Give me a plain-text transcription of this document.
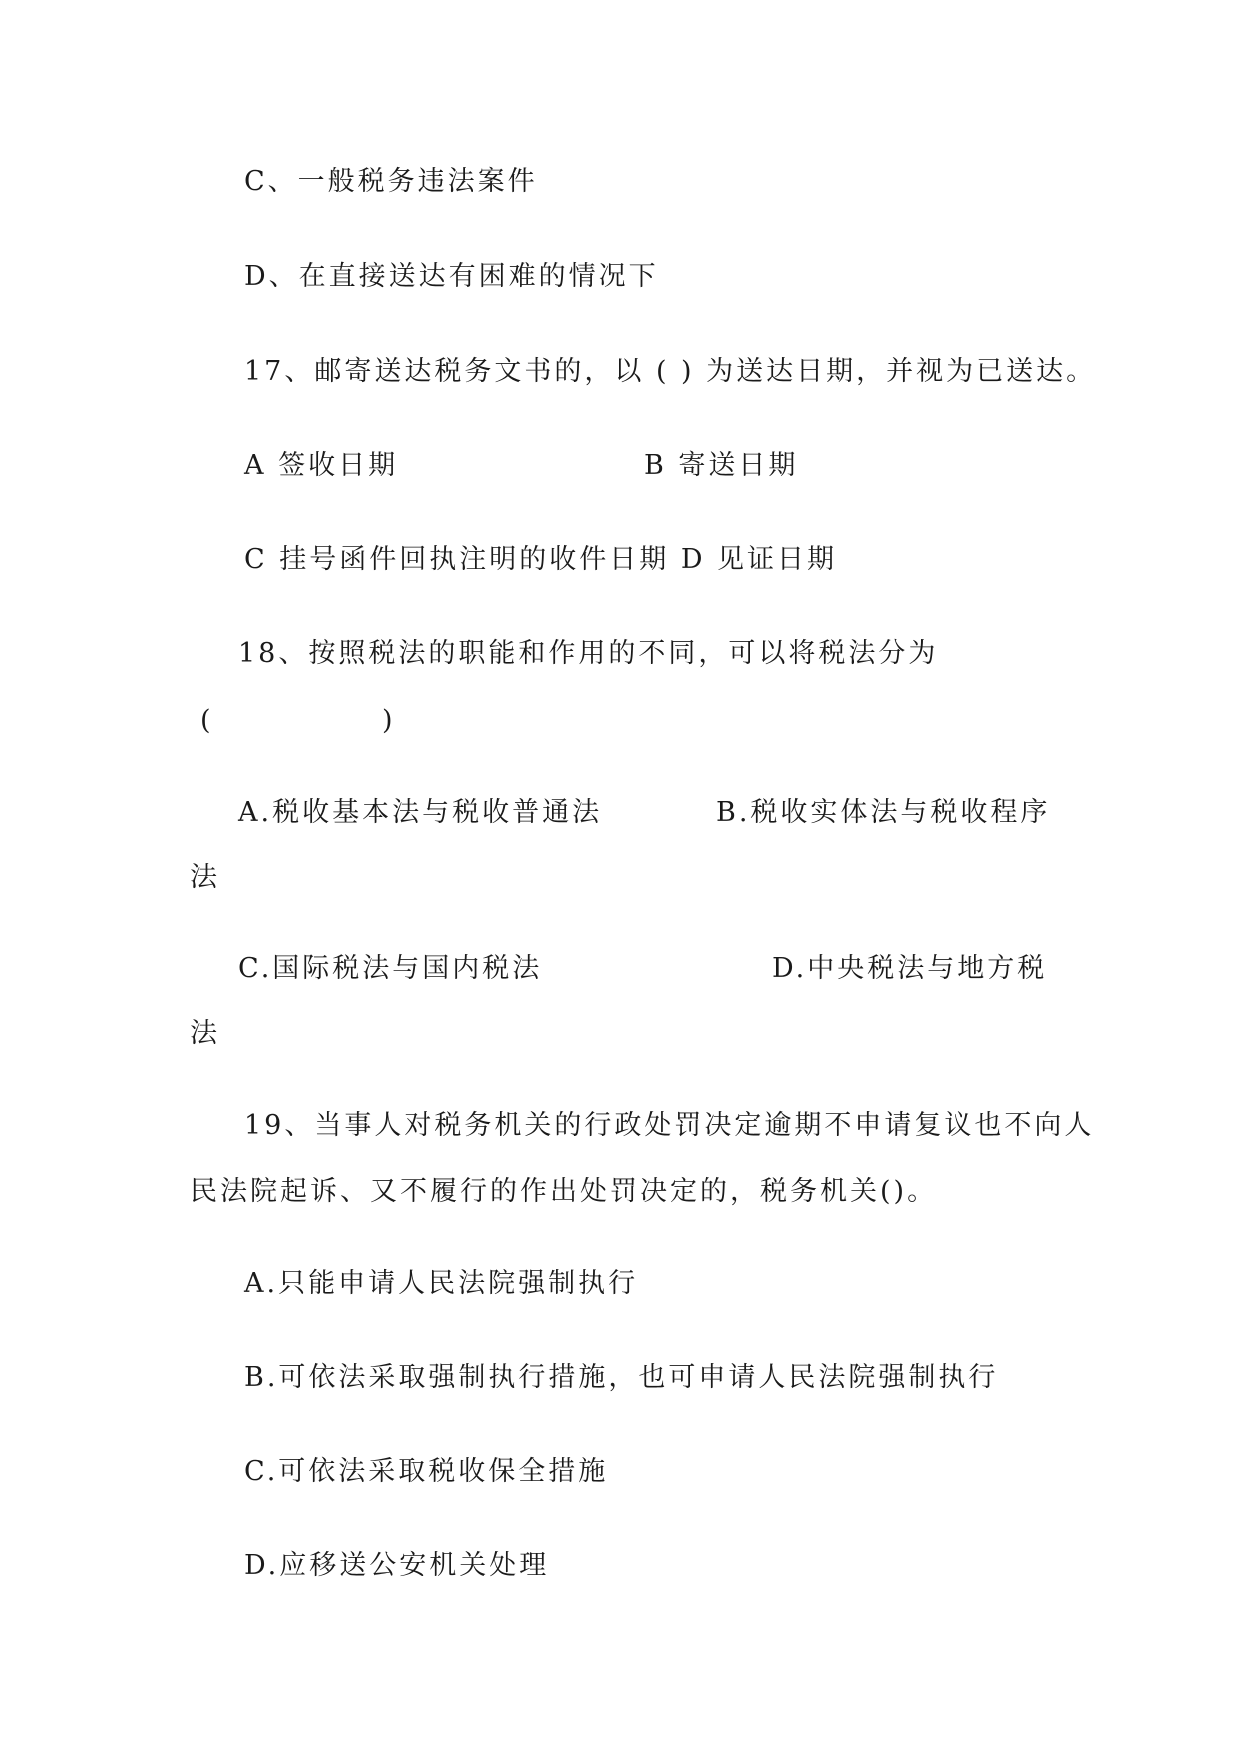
C、一般税务违法案件
D、在直接送达有困难的情况下
17、邮寄送达税务文书的，以 ( ) 为送达日期，并视为已送达。
A 签收日期	B 寄送日期
C 挂号函件回执注明的收件日期 D 见证日期
18、按照税法的职能和作用的不同，可以将税法分为
(	)
A.税收基本法与税收普通法	B.税收实体法与税收程序
法
C.国际税法与国内税法	D.中央税法与地方税
法
19、当事人对税务机关的行政处罚决定逾期不申请复议也不向人
民法院起诉、又不履行的作出处罚决定的，税务机关()。
A.只能申请人民法院强制执行
B.可依法采取强制执行措施，也可申请人民法院强制执行
C.可依法采取税收保全措施
D.应移送公安机关处理
